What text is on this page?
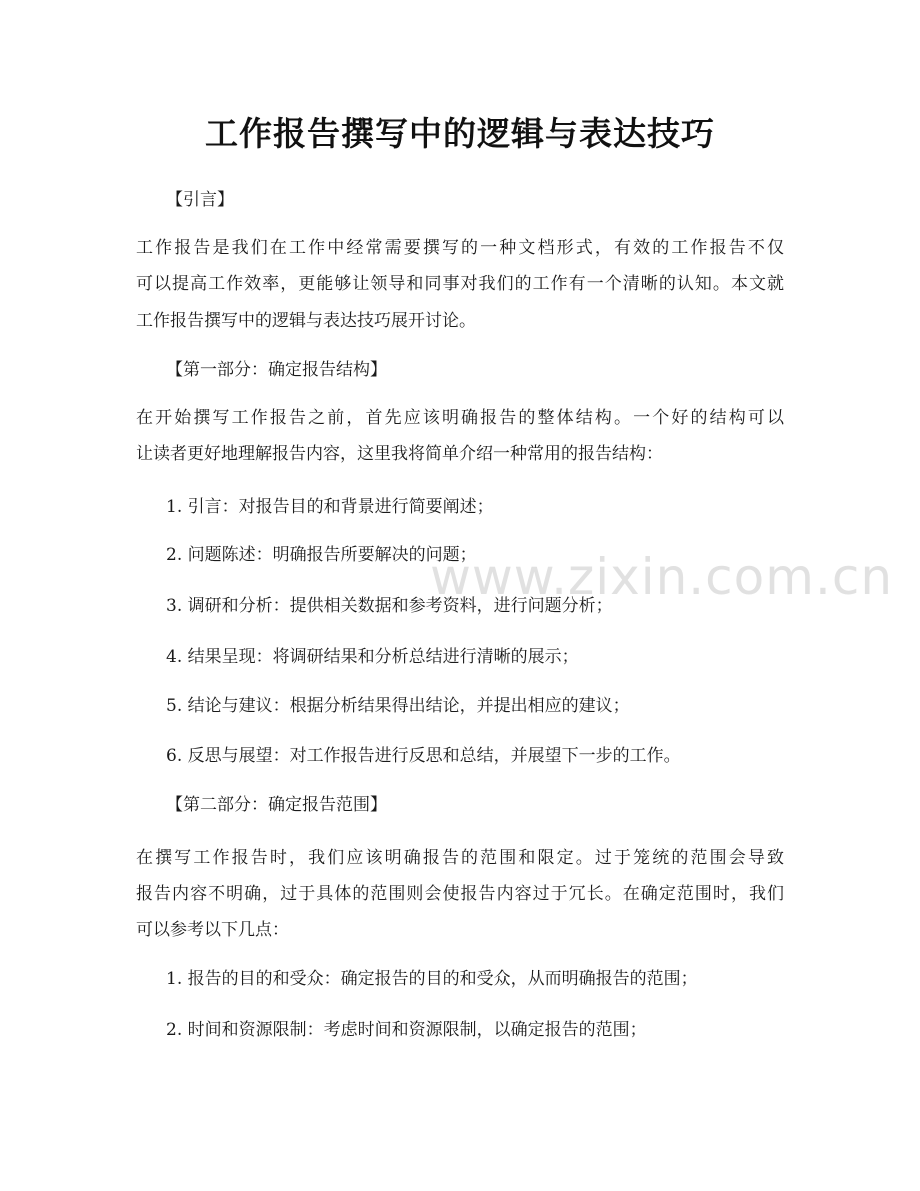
工作报告撰写中的逻辑与表达技巧
【引言】
工作报告是我们在工作中经常需要撰写的一种文档形式，有效的工作报告不仅
可以提高工作效率，更能够让领导和同事对我们的工作有一个清晰的认知。本文就
工作报告撰写中的逻辑与表达技巧展开讨论。
【第一部分：确定报告结构】
在开始撰写工作报告之前，首先应该明确报告的整体结构。一个好的结构可以
让读者更好地理解报告内容，这里我将简单介绍一种常用的报告结构：
1. 引言：对报告目的和背景进行简要阐述；
2. 问题陈述：明确报告所要解决的问题；
3. 调研和分析：提供相关数据和参考资料，进行问题分析；
4. 结果呈现：将调研结果和分析总结进行清晰的展示；
5. 结论与建议：根据分析结果得出结论，并提出相应的建议；
6. 反思与展望：对工作报告进行反思和总结，并展望下一步的工作。
【第二部分：确定报告范围】
在撰写工作报告时，我们应该明确报告的范围和限定。过于笼统的范围会导致
报告内容不明确，过于具体的范围则会使报告内容过于冗长。在确定范围时，我们
可以参考以下几点：
1. 报告的目的和受众：确定报告的目的和受众，从而明确报告的范围；
2. 时间和资源限制：考虑时间和资源限制，以确定报告的范围；
www.zixin.com.cn
